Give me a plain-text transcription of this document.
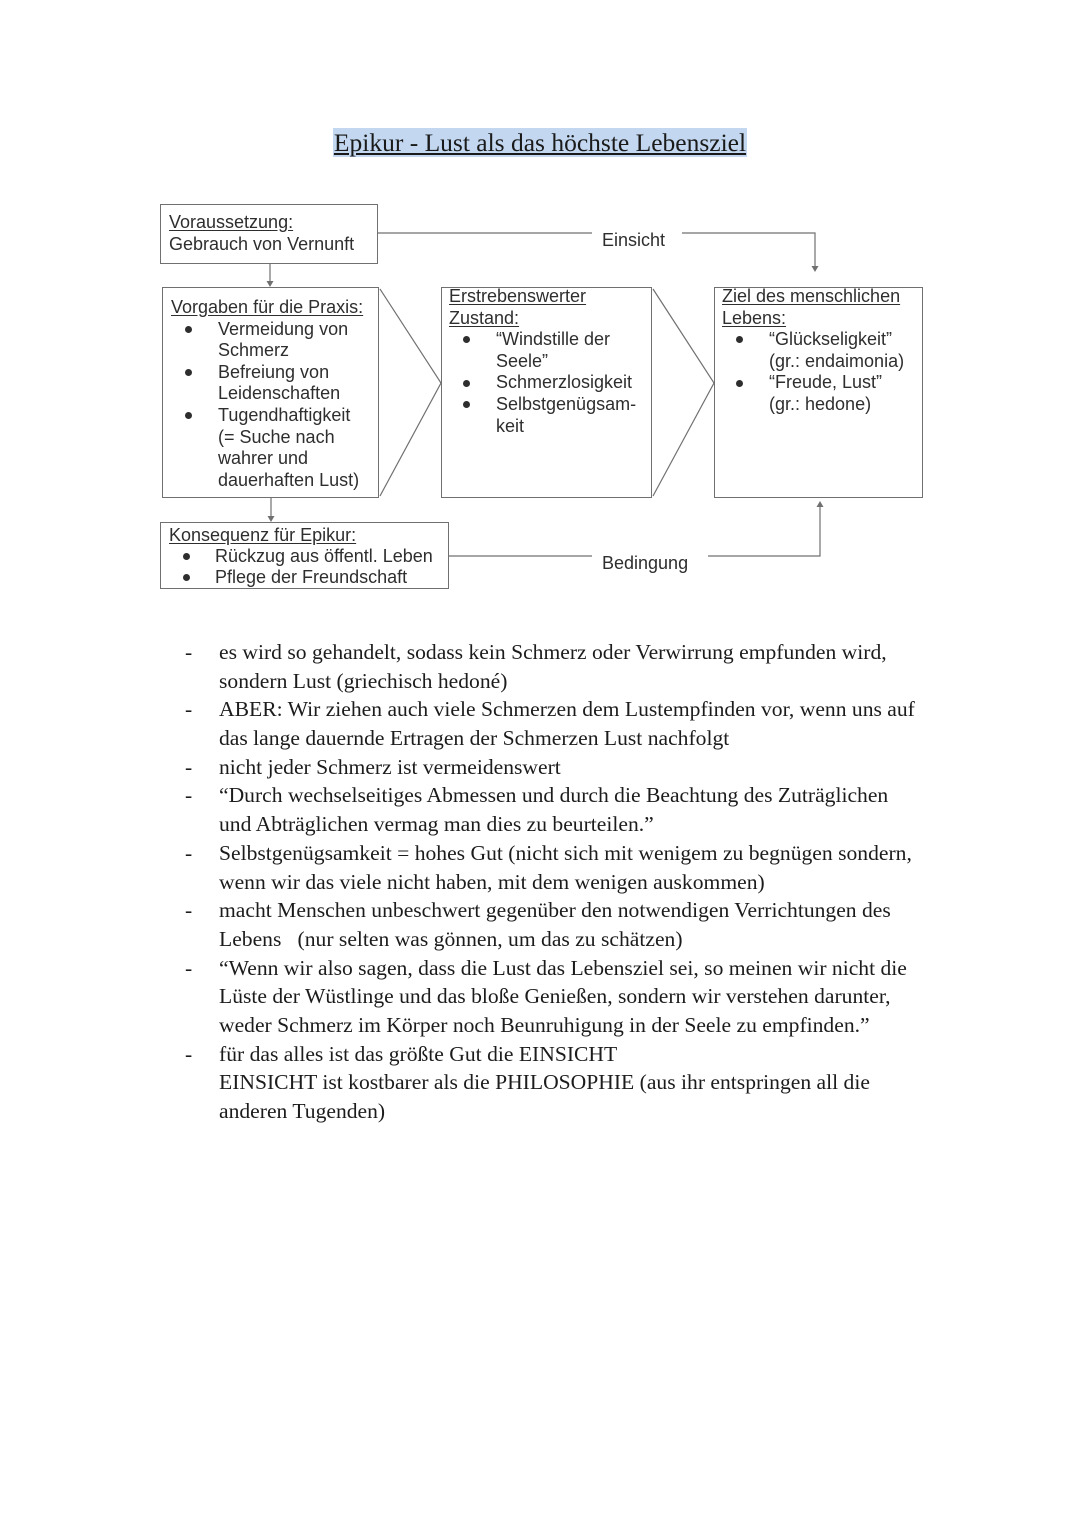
Epikur - Lust als das höchste Lebensziel
Voraussetzung:
Gebrauch von Vernunft
Vorgaben für die Praxis:
Vermeidung von
Schmerz
Befreiung von
Leidenschaften
Tugendhaftigkeit
(= Suche nach
wahrer und
dauerhaften Lust)
Erstrebenswerter
Zustand:
“Windstille der
Seele”
Schmerzlosigkeit
Selbstgenügsam-
keit
Ziel des menschlichen
Lebens:
“Glückseligkeit”
(gr.: endaimonia)
“Freude, Lust”
(gr.: hedone)
Konsequenz für Epikur:
Rückzug aus öffentl. Leben
Pflege der Freundschaft
Einsicht
Bedingung
- es wird so gehandelt, sodass kein Schmerz oder Verwirrung empfunden wird,
sondern Lust (griechisch hedoné)
- ABER: Wir ziehen auch viele Schmerzen dem Lustempfinden vor, wenn uns auf
das lange dauernde Ertragen der Schmerzen Lust nachfolgt
- nicht jeder Schmerz ist vermeidenswert
- “Durch wechselseitiges Abmessen und durch die Beachtung des Zuträglichen
und Abträglichen vermag man dies zu beurteilen.”
- Selbstgenügsamkeit = hohes Gut (nicht sich mit wenigem zu begnügen sondern,
wenn wir das viele nicht haben, mit dem wenigen auskommen)
- macht Menschen unbeschwert gegenüber den notwendigen Verrichtungen des
Lebens   (nur selten was gönnen, um das zu schätzen)
- “Wenn wir also sagen, dass die Lust das Lebensziel sei, so meinen wir nicht die
Lüste der Wüstlinge und das bloße Genießen, sondern wir verstehen darunter,
weder Schmerz im Körper noch Beunruhigung in der Seele zu empfinden.”
- für das alles ist das größte Gut die EINSICHT
EINSICHT ist kostbarer als die PHILOSOPHIE (aus ihr entspringen all die
anderen Tugenden)
